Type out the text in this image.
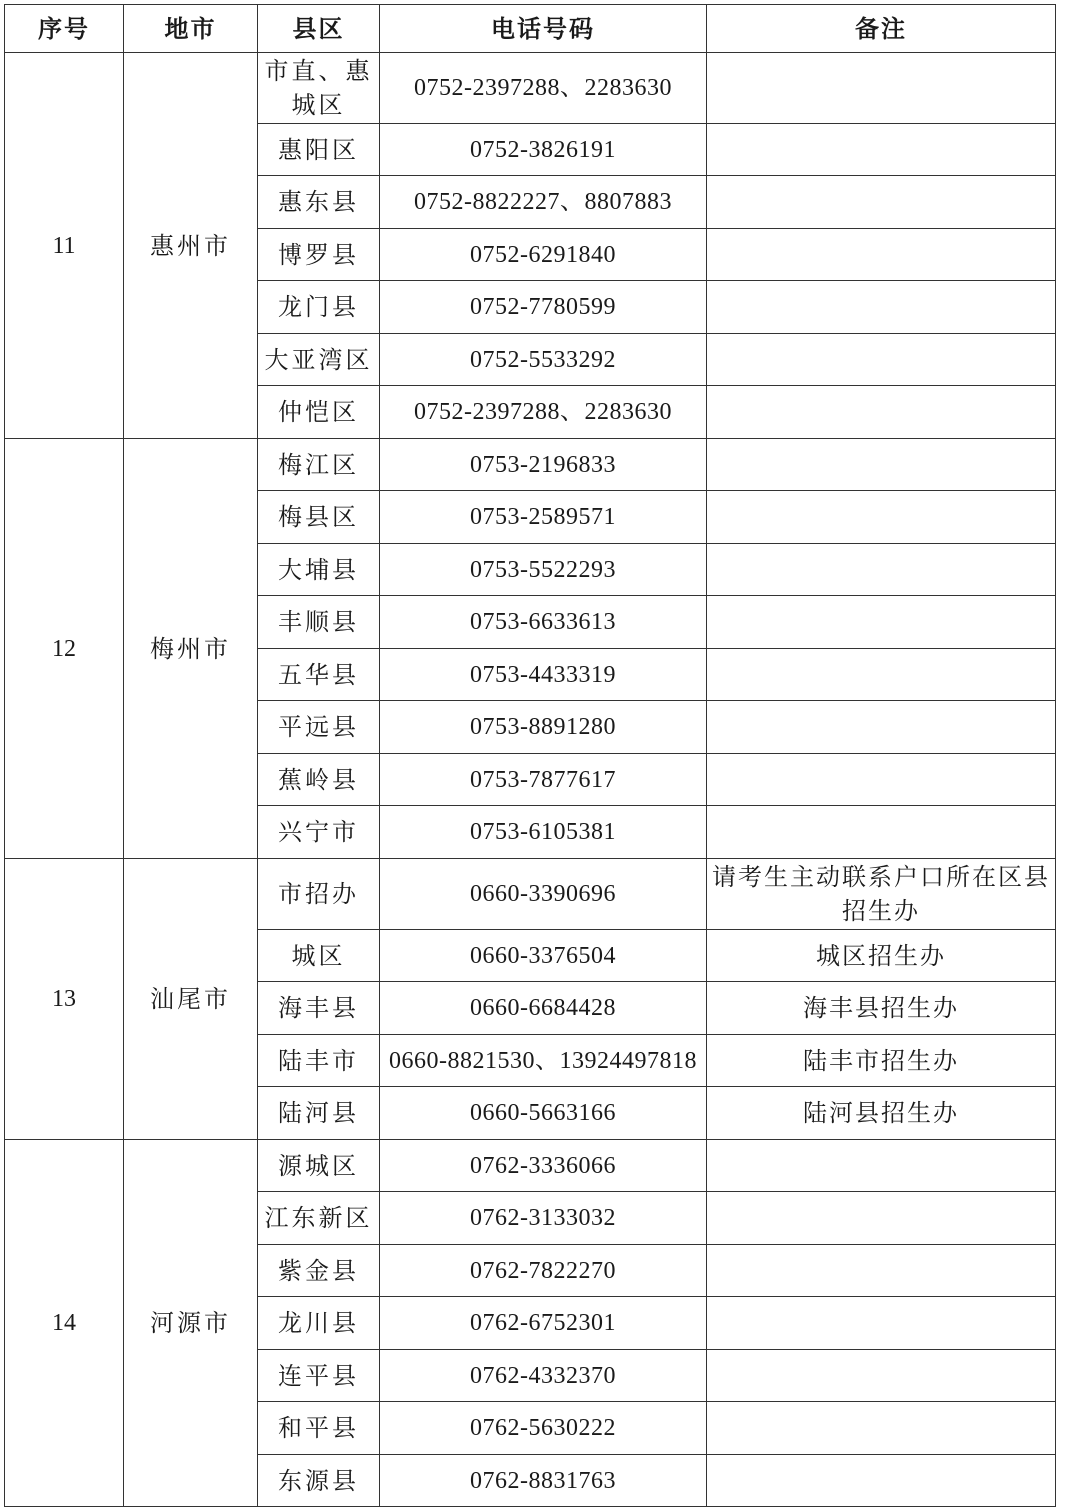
序号	地市	县区	电话号码	备注
11	惠州市	市直、惠城区	0752-2397288、2283630	
		惠阳区	0752-3826191	
		惠东县	0752-8822227、8807883	
		博罗县	0752-6291840	
		龙门县	0752-7780599	
		大亚湾区	0752-5533292	
		仲恺区	0752-2397288、2283630	
12	梅州市	梅江区	0753-2196833	
		梅县区	0753-2589571	
		大埔县	0753-5522293	
		丰顺县	0753-6633613	
		五华县	0753-4433319	
		平远县	0753-8891280	
		蕉岭县	0753-7877617	
		兴宁市	0753-6105381	
13	汕尾市	市招办	0660-3390696	请考生主动联系户口所在区县招生办
		城区	0660-3376504	城区招生办
		海丰县	0660-6684428	海丰县招生办
		陆丰市	0660-8821530、13924497818	陆丰市招生办
		陆河县	0660-5663166	陆河县招生办
14	河源市	源城区	0762-3336066	
		江东新区	0762-3133032	
		紫金县	0762-7822270	
		龙川县	0762-6752301	
		连平县	0762-4332370	
		和平县	0762-5630222	
		东源县	0762-8831763	
